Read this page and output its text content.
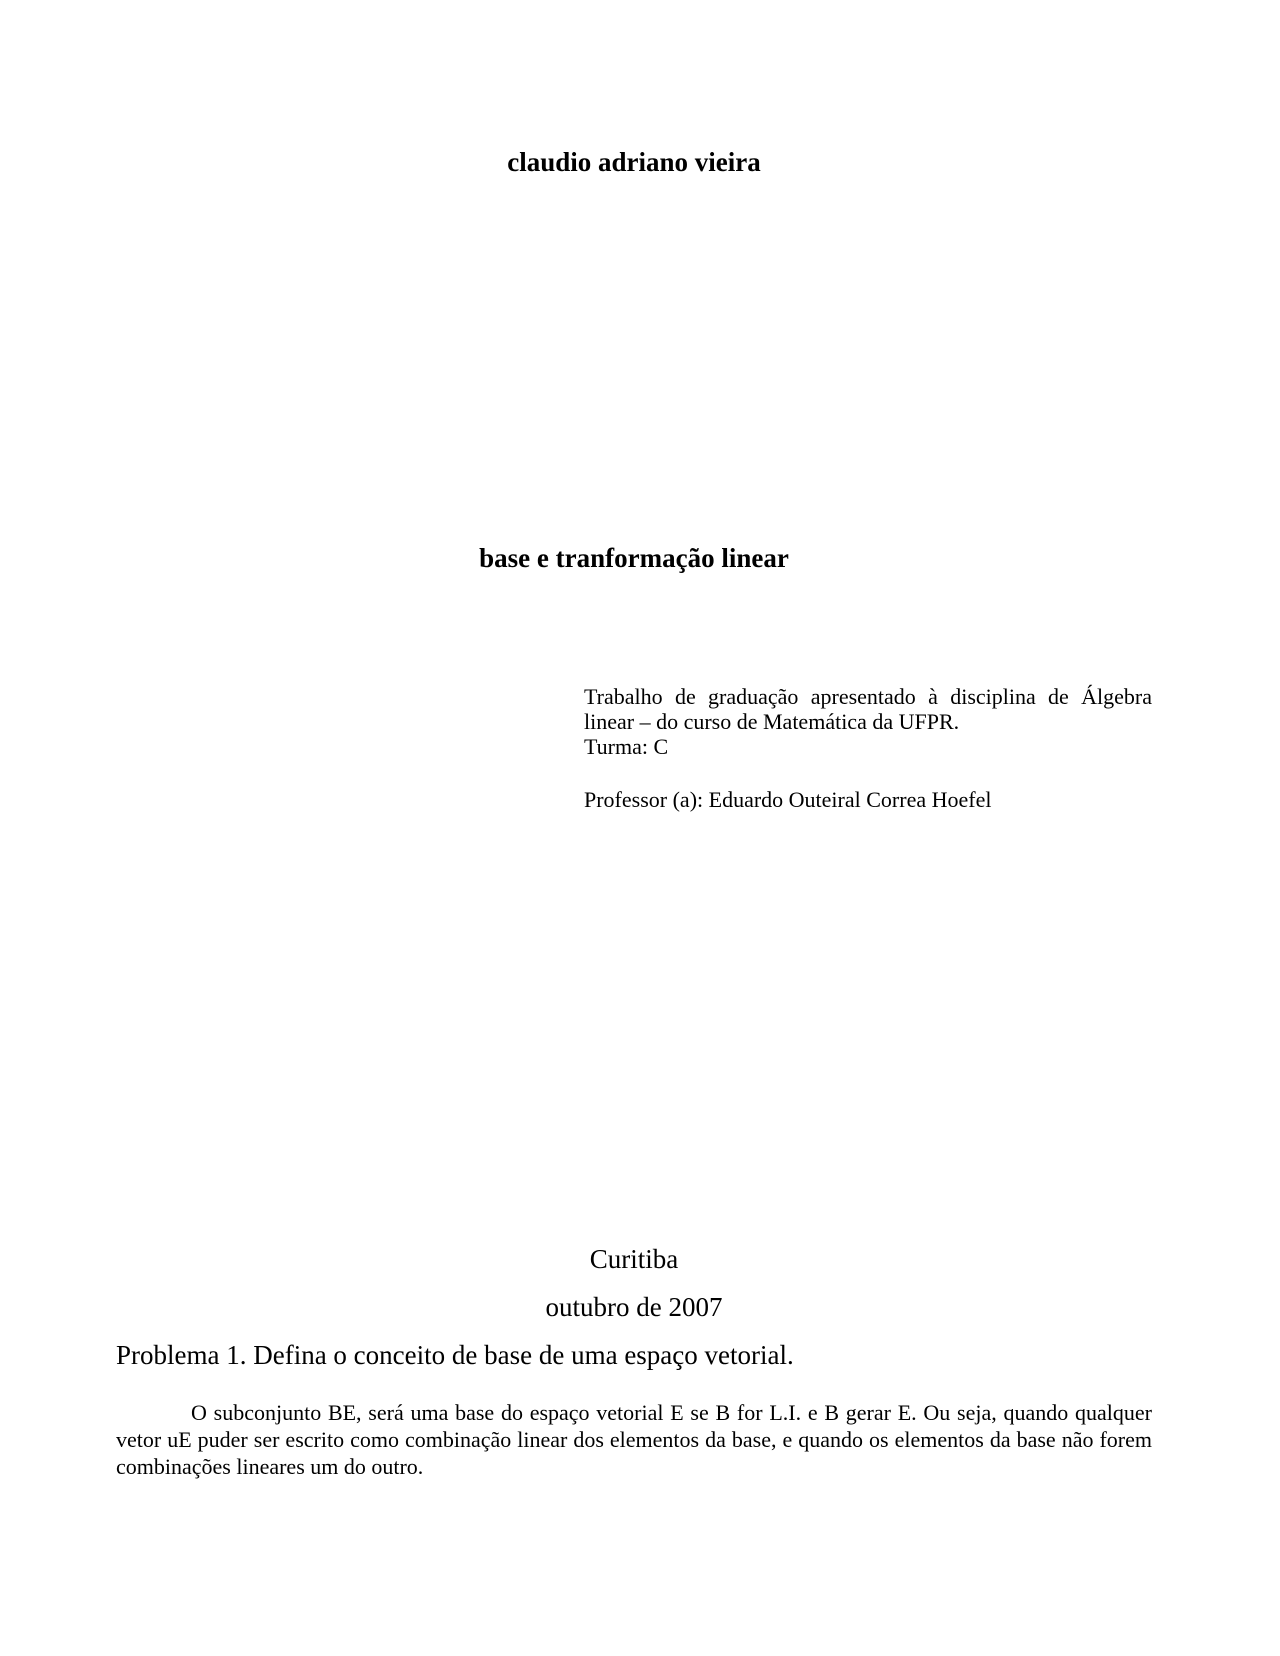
claudio adriano vieira
base e tranformação linear

Trabalho de graduação apresentado à disciplina de Álgebra linear – do curso de Matemática da UFPR.

Turma: C

Professor (a): Eduardo Outeiral Correa Hoefel

Curitiba
outubro de 2007

Problema 1. Defina o conceito de base de uma espaço vetorial.

O subconjunto BE, será uma base do espaço vetorial E se B for L.I. e B gerar E. Ou seja, quando qualquer vetor uE puder ser escrito como combinação linear dos elementos da base, e quando os elementos da base não forem combinações lineares um do outro.
